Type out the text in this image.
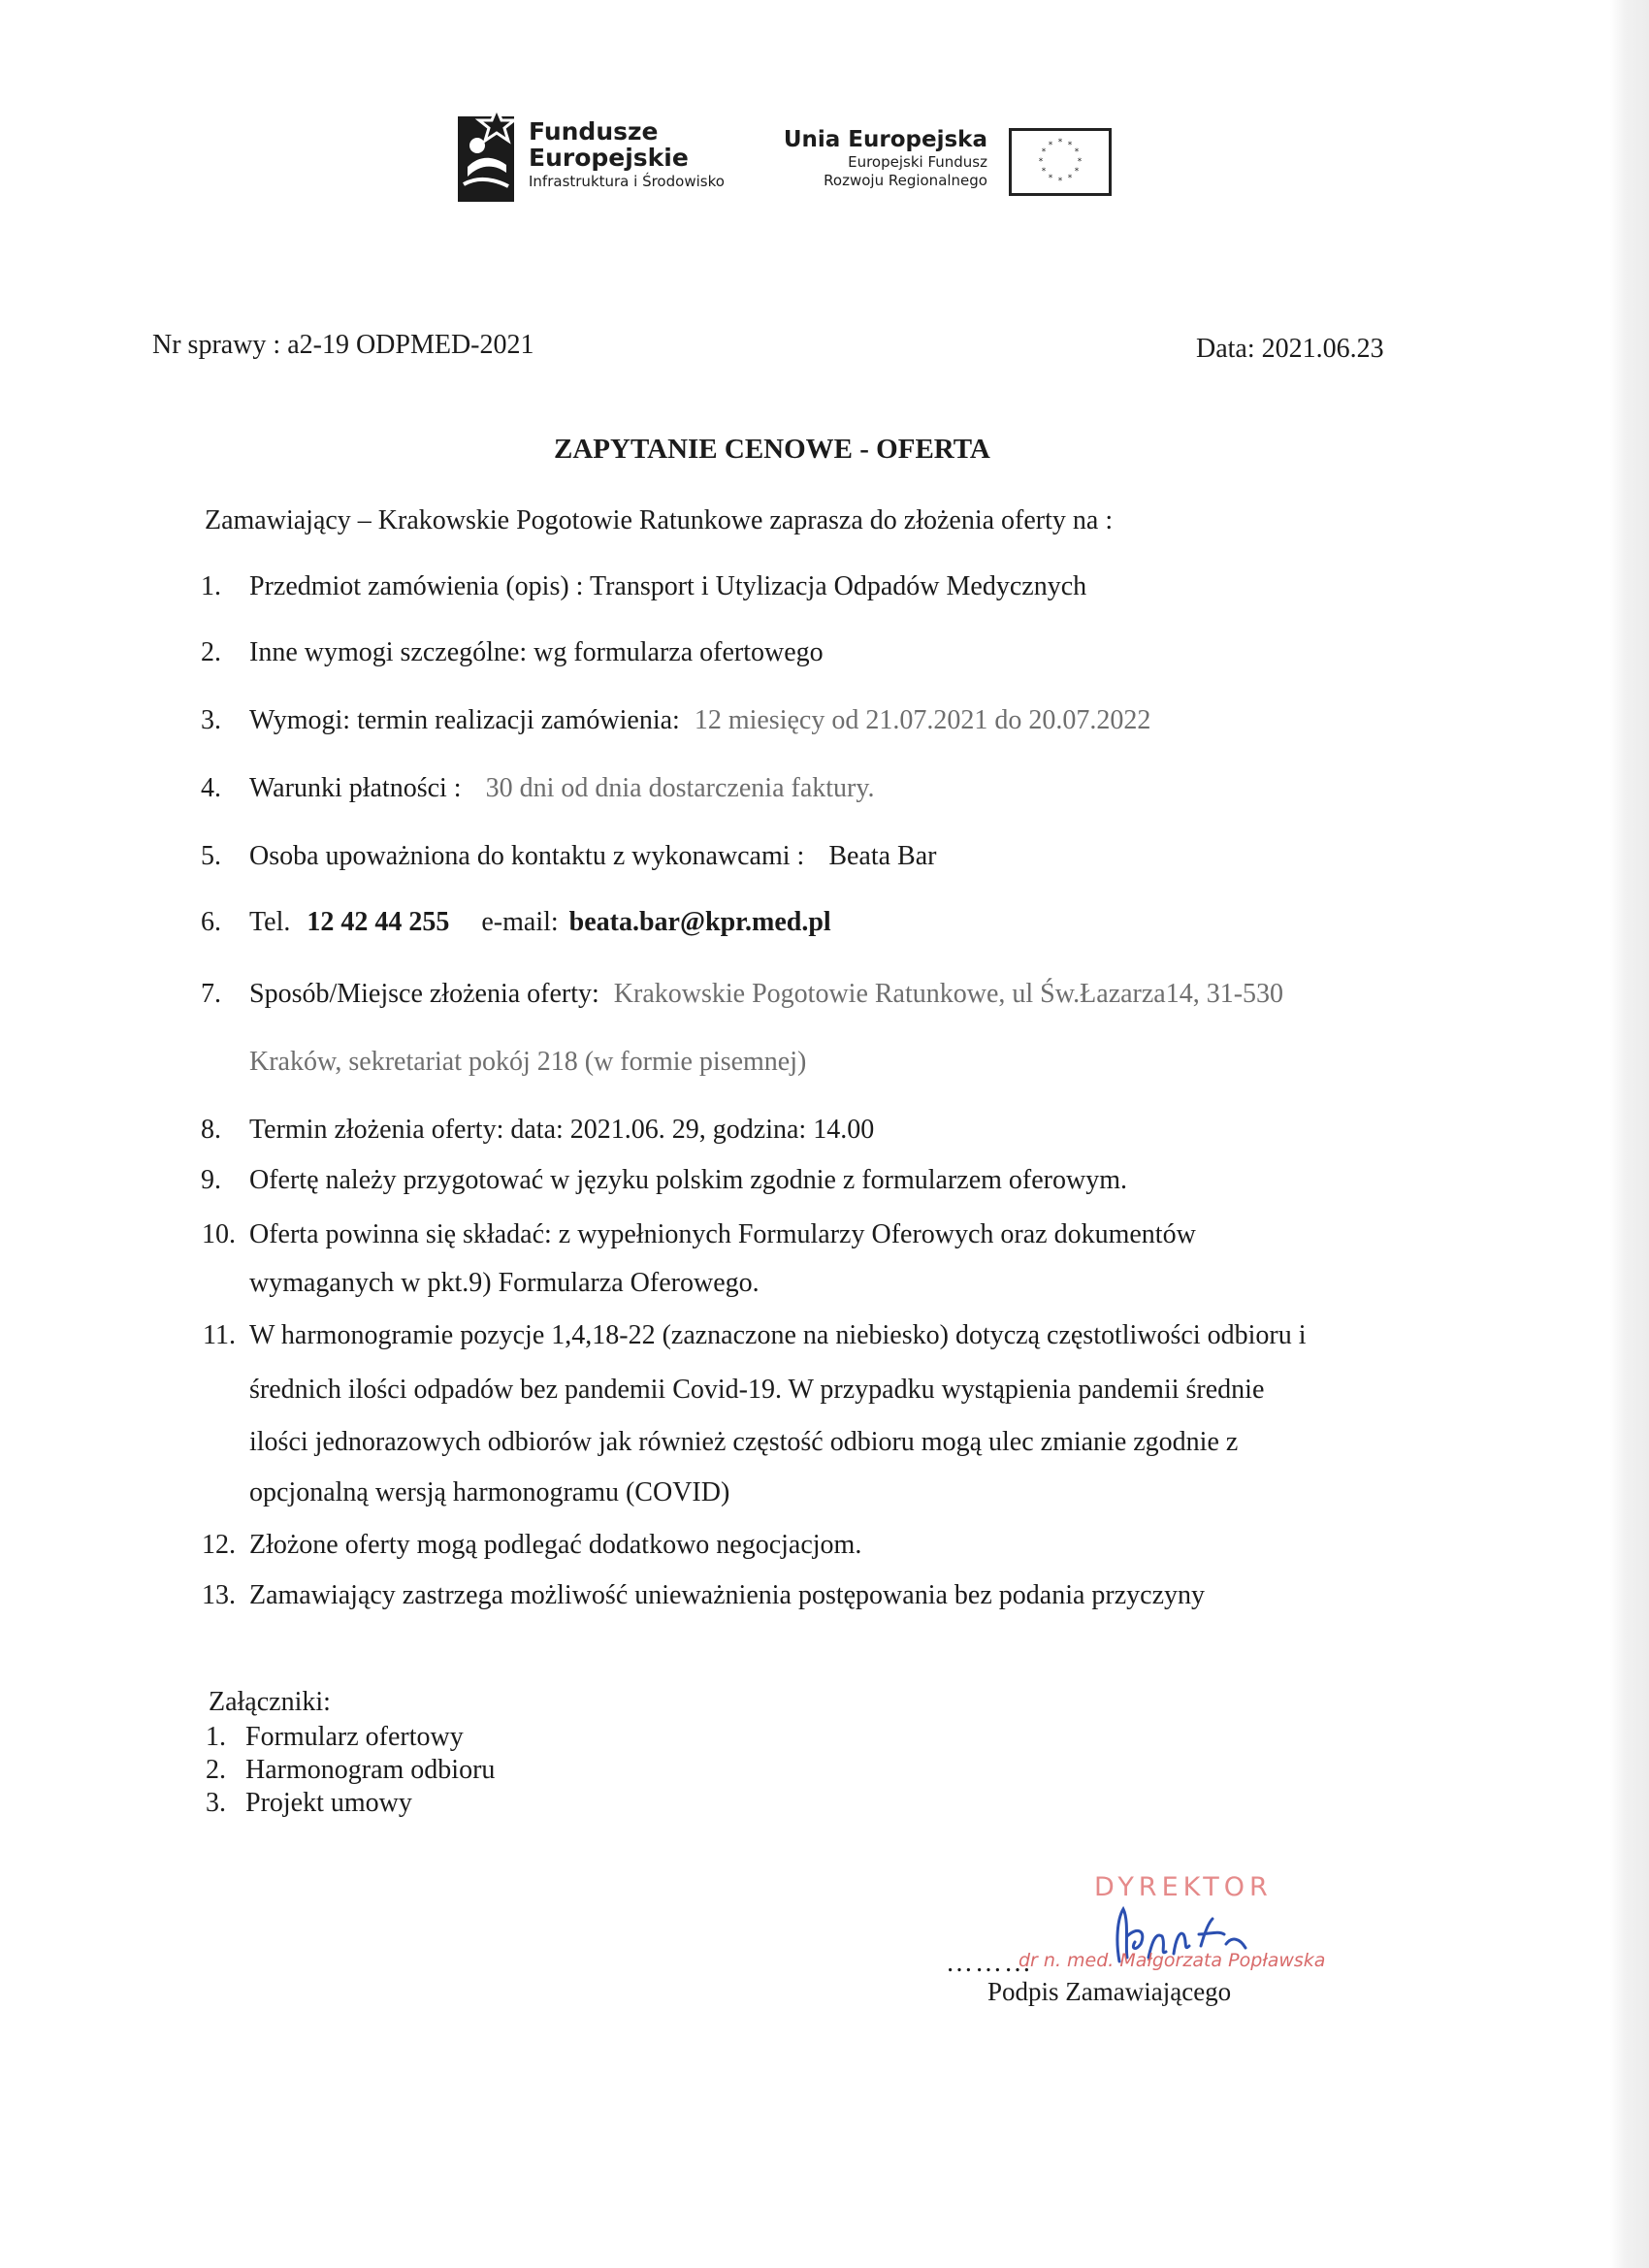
Fundusze
Europejskie
Infrastruktura i Środowisko
Unia Europejska
Europejski Fundusz
Rozwoju Regionalnego
* *
*
*
*
*
*
*
*
*
*
*
Nr sprawy : a2-19 ODPMED-2021	Data: 2021.06.23
ZAPYTANIE CENOWE - OFERTA
Zamawiający – Krakowskie Pogotowie Ratunkowe zaprasza do złożenia oferty na :
1. Przedmiot zamówienia (opis) : Transport i Utylizacja Odpadów Medycznych
2. Inne wymogi szczególne: wg formularza ofertowego
3. Wymogi: termin realizacji zamówienia: 12 miesięcy od 21.07.2021 do 20.07.2022
4. Warunki płatności : 30 dni od dnia dostarczenia faktury.
5. Osoba upoważniona do kontaktu z wykonawcami : Beata Bar
6. Tel. 12 42 44 255 e-mail: beata.bar@kpr.med.pl
7. Sposób/Miejsce złożenia oferty: Krakowskie Pogotowie Ratunkowe, ul Św.Łazarza14, 31-530
Kraków, sekretariat pokój 218 (w formie pisemnej)
8. Termin złożenia oferty: data: 2021.06. 29, godzina: 14.00
9. Ofertę należy przygotować w języku polskim zgodnie z formularzem oferowym.
10. Oferta powinna się składać: z wypełnionych Formularzy Oferowych oraz dokumentów
wymaganych w pkt.9) Formularza Oferowego.
11. W harmonogramie pozycje 1,4,18-22 (zaznaczone na niebiesko) dotyczą częstotliwości odbioru i
średnich ilości odpadów bez pandemii Covid-19. W przypadku wystąpienia pandemii średnie
ilości jednorazowych odbiorów jak również częstość odbioru mogą ulec zmianie zgodnie z
opcjonalną wersją harmonogramu (COVID)
12. Złożone oferty mogą podlegać dodatkowo negocjacjom.
13. Zamawiający zastrzega możliwość unieważnienia postępowania bez podania przyczyny
Załączniki:
1. Formularz ofertowy
2. Harmonogram odbioru
3. Projekt umowy
DYREKTOR
………
dr n. med. Małgorzata Popławska
Podpis Zamawiającego
